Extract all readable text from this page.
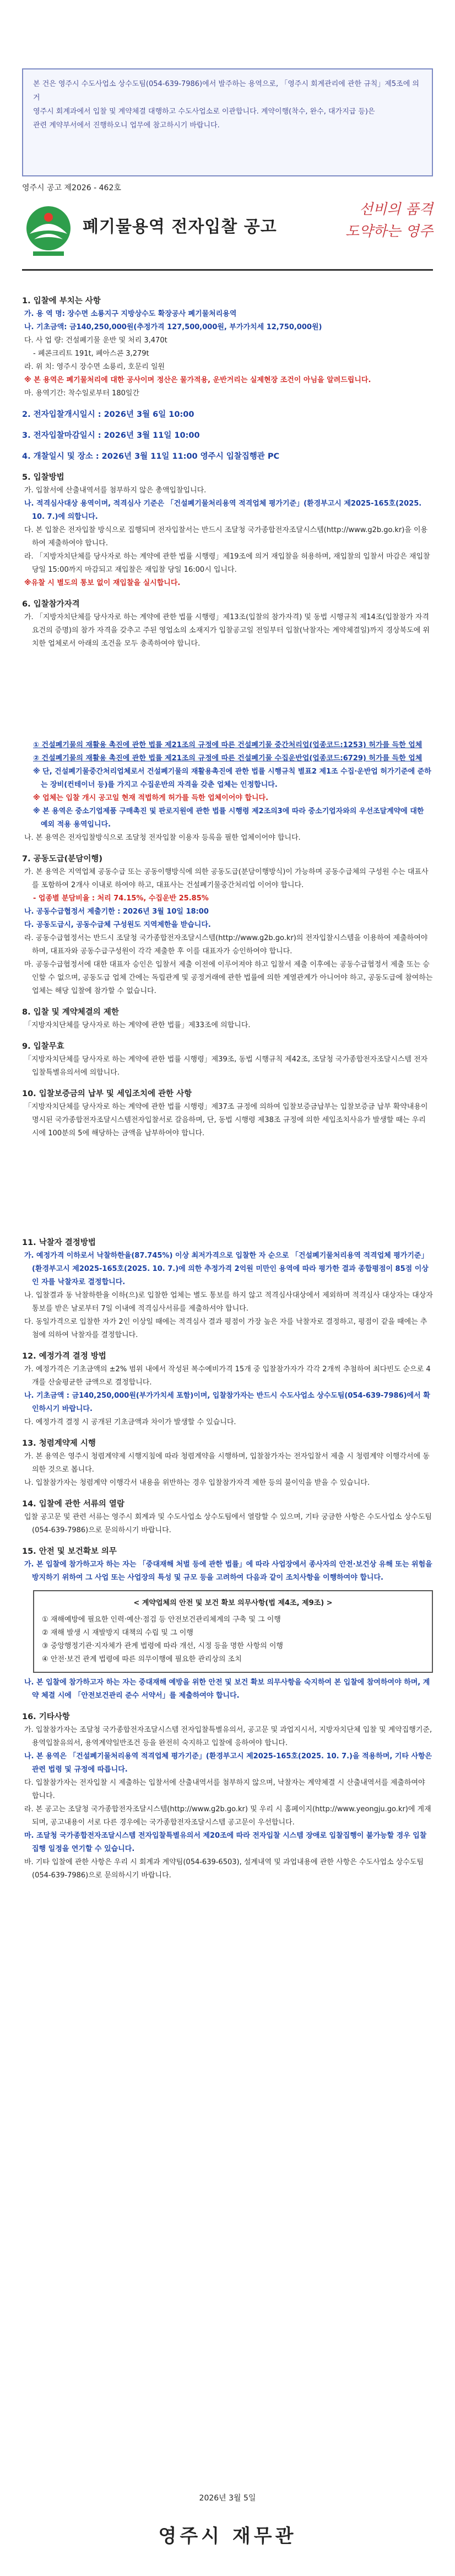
본 건은 영주시 수도사업소 상수도팀(054-639-7986)에서 발주하는 용역으로, 「영주시 회계관리에 관한 규칙」제5조에 의거
영주시 회계과에서 입찰 및 계약체결 대행하고 수도사업소로 이관합니다. 계약이행(착수, 완수, 대가지급 등)은
관련 계약부서에서 진행하오니 업무에 참고하시기 바랍니다.
영주시 공고 제2026 - 462호
폐기물용역 전자입찰 공고
선비의 품격
도약하는 영주
1. 입찰에 부치는 사항
가. 용 역 명: 장수면 소룡지구 지방상수도 확장공사 폐기물처리용역
나. 기초금액: 금140,250,000원(추정가격 127,500,000원, 부가가치세 12,750,000원)
다. 사 업 량: 건설폐기물 운반 및 처리 3,470t
- 폐콘크리트 191t, 폐아스콘 3,279t
라. 위 치: 영주시 장수면 소룡리, 호문리 일원
※ 본 용역은 폐기물처리에 대한 공사이며 정산은 물가적용, 운반거리는 실제현장 조건이 아님을 알려드립니다.
마. 용역기간: 착수일로부터 180일간
2. 전자입찰개시일시 : 2026년 3월 6일 10:00
3. 전자입찰마감일시 : 2026년 3월 11일 10:00
4. 개찰일시 및 장소 : 2026년 3월 11일 11:00 영주시 입찰집행관 PC
5. 입찰방법
가. 입찰서에 산출내역서를 첨부하지 않은 총액입찰입니다.
나. 적격심사대상 용역이며, 적격심사 기준은 「건설폐기물처리용역 적격업체 평가기준」(환경부고시 제2025-165호(2025. 10. 7.)에 의합니다.
다. 본 입찰은 전자입찰 방식으로 집행되며 전자입찰서는 반드시 조달청 국가종합전자조달시스템(http://www.g2b.go.kr)을 이용하여 제출하여야 합니다.
라. 「지방자치단체를 당사자로 하는 계약에 관한 법률 시행령」제19조에 의거 재입찰을 허용하며, 재입찰의 입찰서 마감은 재입찰 당일 15:00까지 마감되고 재입찰은 재입찰 당일 16:00시 입니다.
※유찰 시 별도의 통보 없이 재입찰을 실시합니다.
6. 입찰참가자격
가. 「지방자치단체를 당사자로 하는 계약에 관한 법률 시행령」제13조(입찰의 참가자격) 및 동법 시행규칙 제14조(입찰참가 자격요건의 증명)의 참가 자격을 갖추고 주된 영업소의 소재지가 입찰공고일 전일부터 입찰(낙찰자는 계약체결일)까지 경상북도에 위치한 업체로서 아래의 조건을 모두 충족하여야 합니다.
① 건설폐기물의 재활용 촉진에 관한 법률 제21조의 규정에 따른 건설폐기물 중간처리업(업종코드:1253) 허가를 득한 업체
② 건설폐기물의 재활용 촉진에 관한 법률 제21조의 규정에 따른 건설폐기물 수집운반업(업종코드:6729) 허가를 득한 업체
※ 단, 건설폐기물중간처리업체로서 건설폐기물의 재활용촉진에 관한 법률 시행규칙 별표2 제1조 수집·운반업 허가기준에 준하는 장비(컨테이너 등)를 가지고 수집운반의 자격을 갖춘 업체는 인정합니다.
※ 업체는 입찰 개시 공고일 현재 적법하게 허가를 득한 업체이어야 합니다.
※ 본 용역은 중소기업제품 구매촉진 및 판로지원에 관한 법률 시행령 제2조의3에 따라 중소기업자와의 우선조달계약에 대한 예외 적용 용역입니다.
나. 본 용역은 전자입찰방식으로 조달청 전자입찰 이용자 등록을 필한 업체이어야 합니다.
7. 공동도급(분담이행)
가. 본 용역은 지역업체 공동수급 또는 공동이행방식에 의한 공동도급(분담이행방식)이 가능하며 공동수급체의 구성원 수는 대표사를 포함하여 2개사 이내로 하여야 하고, 대표사는 건설폐기물중간처리업 이어야 합니다.
- 업종별 분담비율 : 처리 74.15%, 수집운반 25.85%
나. 공동수급협정서 제출기한 : 2026년 3월 10일 18:00
다. 공동도급시, 공동수급체 구성원도 지역제한을 받습니다.
라. 공동수급협정서는 반드시 조달청 국가종합전자조달시스템(http://www.g2b.go.kr)의 전자입찰시스템을 이용하여 제출하여야 하며, 대표자와 공동수급구성원이 각각 제출한 후 이를 대표자가 승인하여야 합니다.
마. 공동수급협정서에 대한 대표자 승인은 입찰서 제출 이전에 이루어져야 하고 입찰서 제출 이후에는 공동수급협정서 제출 또는 승인할 수 없으며, 공동도급 업체 간에는 독립관계 및 공정거래에 관한 법률에 의한 계열관계가 아니어야 하고, 공동도급에 참여하는 업체는 해당 입찰에 참가할 수 없습니다.
8. 입찰 및 계약체결의 제한
「지방자치단체를 당사자로 하는 계약에 관한 법률」제33조에 의합니다.
9. 입찰무효
「지방자치단체를 당사자로 하는 계약에 관한 법률 시행령」제39조, 동법 시행규칙 제42조, 조달청 국가종합전자조달시스템 전자입찰특별유의서에 의합니다.
10. 입찰보증금의 납부 및 세입조치에 관한 사항
「지방자치단체를 당사자로 하는 계약에 관한 법률 시행령」제37조 규정에 의하여 입찰보증금납부는 입찰보증금 납부 확약내용이 명시된 국가종합전자조달시스템전자입찰서로 갈음하며, 단, 동법 시행령 제38조 규정에 의한 세입조치사유가 발생할 때는 우리 시에 100분의 5에 해당하는 금액을 납부하여야 합니다.
11. 낙찰자 결정방법
가. 예정가격 이하로서 낙찰하한율(87.745%) 이상 최저가격으로 입찰한 자 순으로 「건설폐기물처리용역 적격업체 평가기준」(환경부고시 제2025-165호(2025. 10. 7.)에 의한 추정가격 2억원 미만인 용역에 따라 평가한 결과 종합평점이 85점 이상인 자를 낙찰자로 결정합니다.
나. 입찰결과 동 낙찰하한율 이하(으)로 입찰한 업체는 별도 통보를 하지 않고 적격심사대상에서 제외하며 적격심사 대상자는 대상자 통보를 받은 날로부터 7일 이내에 적격심사서류를 제출하셔야 합니다.
다. 동일가격으로 입찰한 자가 2인 이상일 때에는 적격심사 결과 평점이 가장 높은 자를 낙찰자로 결정하고, 평점이 같을 때에는 추첨에 의하여 낙찰자를 결정합니다.
12. 예정가격 결정 방법
가. 예정가격은 기초금액의 ±2% 범위 내에서 작성된 복수예비가격 15개 중 입찰참가자가 각각 2개씩 추첨하여 최다빈도 순으로 4개를 산술평균한 금액으로 결정합니다.
나. 기초금액 : 금140,250,000원(부가가치세 포함)이며, 입찰참가자는 반드시 수도사업소 상수도팀(054-639-7986)에서 확인하시기 바랍니다.
다. 예정가격 결정 시 공개된 기초금액과 차이가 발생할 수 있습니다.
13. 청렴계약제 시행
가. 본 용역은 영주시 청렴계약제 시행지침에 따라 청렴계약을 시행하며, 입찰참가자는 전자입찰서 제출 시 청렴계약 이행각서에 동의한 것으로 봅니다.
나. 입찰참가자는 청렴계약 이행각서 내용을 위반하는 경우 입찰참가자격 제한 등의 불이익을 받을 수 있습니다.
14. 입찰에 관한 서류의 열람
입찰 공고문 및 관련 서류는 영주시 회계과 및 수도사업소 상수도팀에서 열람할 수 있으며, 기타 궁금한 사항은 수도사업소 상수도팀(054-639-7986)으로 문의하시기 바랍니다.
15. 안전 및 보건확보 의무
가. 본 입찰에 참가하고자 하는 자는 「중대재해 처벌 등에 관한 법률」에 따라 사업장에서 종사자의 안전·보건상 유해 또는 위험을 방지하기 위하여 그 사업 또는 사업장의 특성 및 규모 등을 고려하여 다음과 같이 조치사항을 이행하여야 합니다.
< 계약업체의 안전 및 보건 확보 의무사항(법 제4조, 제9조) >
① 재해예방에 필요한 인력·예산·점검 등 안전보건관리체계의 구축 및 그 이행
② 재해 발생 시 재발방지 대책의 수립 및 그 이행
③ 중앙행정기관·지자체가 관계 법령에 따라 개선, 시정 등을 명한 사항의 이행
④ 안전·보건 관계 법령에 따른 의무이행에 필요한 관리상의 조치
나. 본 입찰에 참가하고자 하는 자는 중대재해 예방을 위한 안전 및 보건 확보 의무사항을 숙지하여 본 입찰에 참여하여야 하며, 계약 체결 시에 「안전보건관리 준수 서약서」를 제출하여야 합니다.
16. 기타사항
가. 입찰참가자는 조달청 국가종합전자조달시스템 전자입찰특별유의서, 공고문 및 과업지시서, 지방자치단체 입찰 및 계약집행기준, 용역입찰유의서, 용역계약일반조건 등을 완전히 숙지하고 입찰에 응하여야 합니다.
나. 본 용역은 「건설폐기물처리용역 적격업체 평가기준」(환경부고시 제2025-165호(2025. 10. 7.)을 적용하며, 기타 사항은 관련 법령 및 규정에 따릅니다.
다. 입찰참가자는 전자입찰 시 제출하는 입찰서에 산출내역서를 첨부하지 않으며, 낙찰자는 계약체결 시 산출내역서를 제출하여야 합니다.
라. 본 공고는 조달청 국가종합전자조달시스템(http://www.g2b.go.kr) 및 우리 시 홈페이지(http://www.yeongju.go.kr)에 게재되며, 공고내용이 서로 다른 경우에는 국가종합전자조달시스템 공고문이 우선합니다.
마. 조달청 국가종합전자조달시스템 전자입찰특별유의서 제20조에 따라 전자입찰 시스템 장애로 입찰집행이 불가능할 경우 입찰집행 일정을 연기할 수 있습니다.
바. 기타 입찰에 관한 사항은 우리 시 회계과 계약팀(054-639-6503), 설계내역 및 과업내용에 관한 사항은 수도사업소 상수도팀(054-639-7986)으로 문의하시기 바랍니다.
2026년 3월 5일
영주시 재무관
